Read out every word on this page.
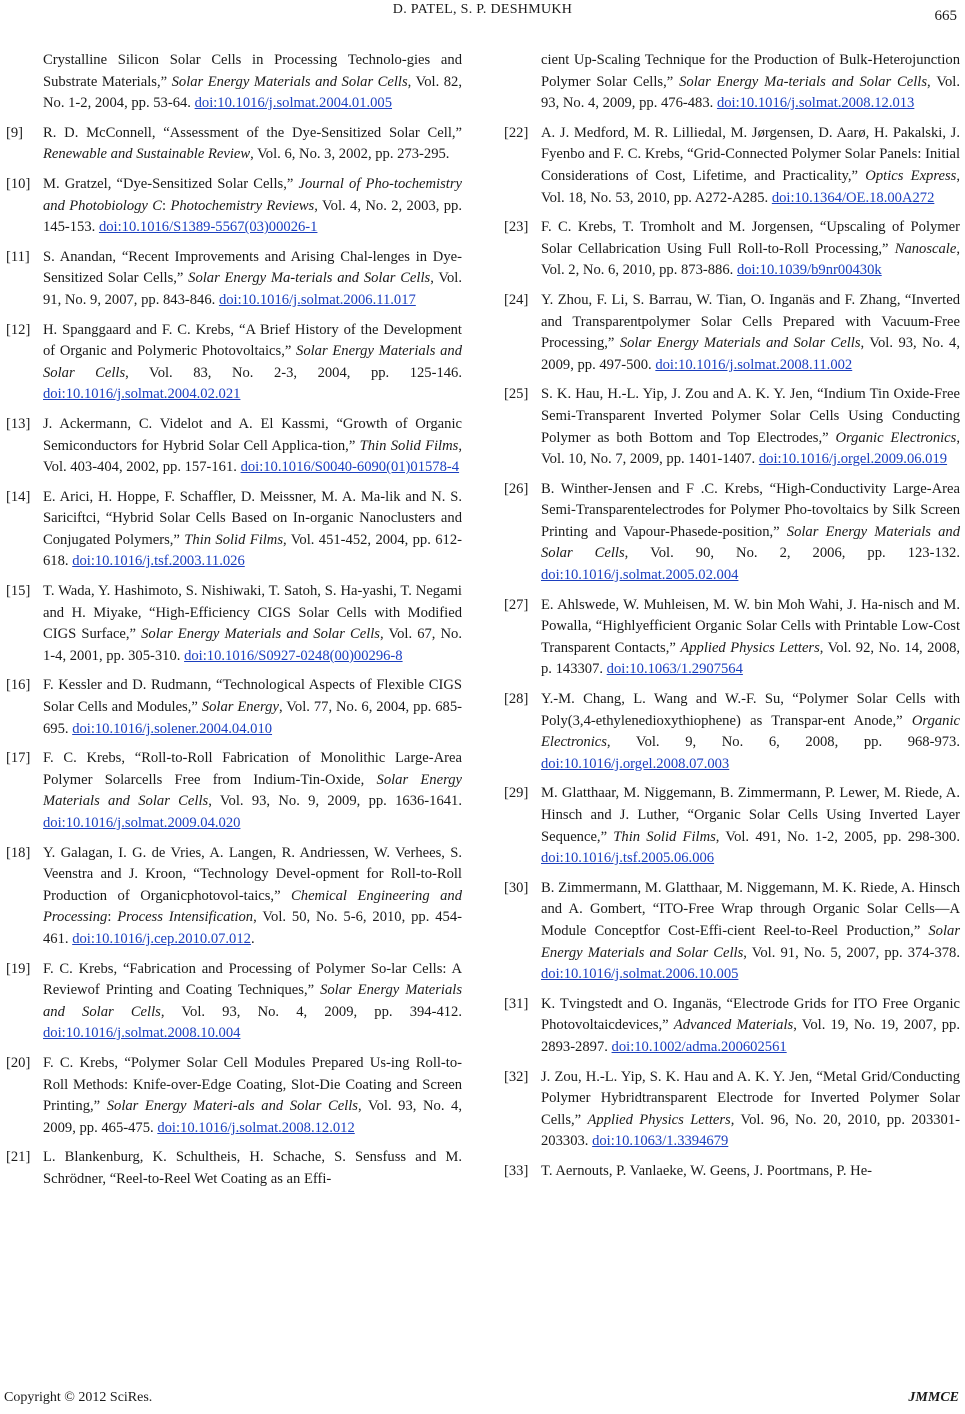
D. PATEL, S. P. DESHMUKH	665
Crystalline Silicon Solar Cells in Processing Technolo-gies and Substrate Materials,” Solar Energy Materials and Solar Cells, Vol. 82, No. 1-2, 2004, pp. 53-64. doi:10.1016/j.solmat.2004.01.005
[9]	R. D. McConnell, “Assessment of the Dye-Sensitized Solar Cell,” Renewable and Sustainable Review, Vol. 6, No. 3, 2002, pp. 273-295.
[10] M. Gratzel, “Dye-Sensitized Solar Cells,” Journal of Pho-tochemistry and Photobiology C: Photochemistry Reviews, Vol. 4, No. 2, 2003, pp. 145-153. doi:10.1016/S1389-5567(03)00026-1
[11] S. Anandan, “Recent Improvements and Arising Chal-lenges in Dye-Sensitized Solar Cells,” Solar Energy Ma-terials and Solar Cells, Vol. 91, No. 9, 2007, pp. 843-846. doi:10.1016/j.solmat.2006.11.017
[12] H. Spanggaard and F. C. Krebs, “A Brief History of the Development of Organic and Polymeric Photovoltaics,” Solar Energy Materials and Solar Cells, Vol. 83, No. 2-3, 2004, pp. 125-146. doi:10.1016/j.solmat.2004.02.021
[13] J. Ackermann, C. Videlot and A. El Kassmi, “Growth of Organic Semiconductors for Hybrid Solar Cell Applica-tion,” Thin Solid Films, Vol. 403-404, 2002, pp. 157-161. doi:10.1016/S0040-6090(01)01578-4
[14] E. Arici, H. Hoppe, F. Schaffler, D. Meissner, M. A. Ma-lik and N. S. Sariciftci, “Hybrid Solar Cells Based on In-organic Nanoclusters and Conjugated Polymers,” Thin Solid Films, Vol. 451-452, 2004, pp. 612-618. doi:10.1016/j.tsf.2003.11.026
[15] T. Wada, Y. Hashimoto, S. Nishiwaki, T. Satoh, S. Ha-yashi, T. Negami and H. Miyake, “High-Efficiency CIGS Solar Cells with Modified CIGS Surface,” Solar Energy Materials and Solar Cells, Vol. 67, No. 1-4, 2001, pp. 305-310. doi:10.1016/S0927-0248(00)00296-8
[16] F. Kessler and D. Rudmann, “Technological Aspects of Flexible CIGS Solar Cells and Modules,” Solar Energy, Vol. 77, No. 6, 2004, pp. 685-695. doi:10.1016/j.solener.2004.04.010
[17] F. C. Krebs, “Roll-to-Roll Fabrication of Monolithic Large-Area Polymer Solarcells Free from Indium-Tin-Oxide, Solar Energy Materials and Solar Cells, Vol. 93, No. 9, 2009, pp. 1636-1641. doi:10.1016/j.solmat.2009.04.020
[18] Y. Galagan, I. G. de Vries, A. Langen, R. Andriessen, W. Verhees, S. Veenstra and J. Kroon, “Technology Devel-opment for Roll-to-Roll Production of Organicphotovol-taics,” Chemical Engineering and Processing: Process Intensification, Vol. 50, No. 5-6, 2010, pp. 454-461. doi:10.1016/j.cep.2010.07.012.
[19] F. C. Krebs, “Fabrication and Processing of Polymer So-lar Cells: A Reviewof Printing and Coating Techniques,” Solar Energy Materials and Solar Cells, Vol. 93, No. 4, 2009, pp. 394-412. doi:10.1016/j.solmat.2008.10.004
[20] F. C. Krebs, “Polymer Solar Cell Modules Prepared Us-ing Roll-to-Roll Methods: Knife-over-Edge Coating, Slot-Die Coating and Screen Printing,” Solar Energy Materi-als and Solar Cells, Vol. 93, No. 4, 2009, pp. 465-475. doi:10.1016/j.solmat.2008.12.012
[21] L. Blankenburg, K. Schultheis, H. Schache, S. Sensfuss and M. Schrödner, “Reel-to-Reel Wet Coating as an Effi-
cient Up-Scaling Technique for the Production of Bulk-Heterojunction Polymer Solar Cells,” Solar Energy Ma-terials and Solar Cells, Vol. 93, No. 4, 2009, pp. 476-483. doi:10.1016/j.solmat.2008.12.013
[22] A. J. Medford, M. R. Lilliedal, M. Jørgensen, D. Aarø, H. Pakalski, J. Fyenbo and F. C. Krebs, “Grid-Connected Polymer Solar Panels: Initial Considerations of Cost, Lifetime, and Practicality,” Optics Express, Vol. 18, No. 53, 2010, pp. A272-A285. doi:10.1364/OE.18.00A272
[23] F. C. Krebs, T. Tromholt and M. Jorgensen, “Upscaling of Polymer Solar Cellabrication Using Full Roll-to-Roll Processing,” Nanoscale, Vol. 2, No. 6, 2010, pp. 873-886. doi:10.1039/b9nr00430k
[24] Y. Zhou, F. Li, S. Barrau, W. Tian, O. Inganäs and F. Zhang, “Inverted and Transparentpolymer Solar Cells Prepared with Vacuum-Free Processing,” Solar Energy Materials and Solar Cells, Vol. 93, No. 4, 2009, pp. 497-500. doi:10.1016/j.solmat.2008.11.002
[25] S. K. Hau, H.-L. Yip, J. Zou and A. K. Y. Jen, “Indium Tin Oxide-Free Semi-Transparent Inverted Polymer Solar Cells Using Conducting Polymer as both Bottom and Top Electrodes,” Organic Electronics, Vol. 10, No. 7, 2009, pp. 1401-1407. doi:10.1016/j.orgel.2009.06.019
[26] B. Winther-Jensen and F .C. Krebs, “High-Conductivity Large-Area Semi-Transparentelectrodes for Polymer Pho-tovoltaics by Silk Screen Printing and Vapour-Phasede-position,” Solar Energy Materials and Solar Cells, Vol. 90, No. 2, 2006, pp. 123-132. doi:10.1016/j.solmat.2005.02.004
[27] E. Ahlswede, W. Muhleisen, M. W. bin Moh Wahi, J. Ha-nisch and M. Powalla, “Highlyefficient Organic Solar Cells with Printable Low-Cost Transparent Contacts,” Applied Physics Letters, Vol. 92, No. 14, 2008, p. 143307. doi:10.1063/1.2907564
[28] Y.-M. Chang, L. Wang and W.-F. Su, “Polymer Solar Cells with Poly(3,4-ethylenedioxythiophene) as Transpar-ent Anode,” Organic Electronics, Vol. 9, No. 6, 2008, pp. 968-973. doi:10.1016/j.orgel.2008.07.003
[29] M. Glatthaar, M. Niggemann, B. Zimmermann, P. Lewer, M. Riede, A. Hinsch and J. Luther, “Organic Solar Cells Using Inverted Layer Sequence,” Thin Solid Films, Vol. 491, No. 1-2, 2005, pp. 298-300. doi:10.1016/j.tsf.2005.06.006
[30] B. Zimmermann, M. Glatthaar, M. Niggemann, M. K. Riede, A. Hinsch and A. Gombert, “ITO-Free Wrap through Organic Solar Cells—A Module Conceptfor Cost-Effi-cient Reel-to-Reel Production,” Solar Energy Materials and Solar Cells, Vol. 91, No. 5, 2007, pp. 374-378. doi:10.1016/j.solmat.2006.10.005
[31] K. Tvingstedt and O. Inganäs, “Electrode Grids for ITO Free Organic Photovoltaicdevices,” Advanced Materials, Vol. 19, No. 19, 2007, pp. 2893-2897. doi:10.1002/adma.200602561
[32] J. Zou, H.-L. Yip, S. K. Hau and A. K. Y. Jen, “Metal Grid/Conducting Polymer Hybridtransparent Electrode for Inverted Polymer Solar Cells,” Applied Physics Letters, Vol. 96, No. 20, 2010, pp. 203301-203303. doi:10.1063/1.3394679
[33] T. Aernouts, P. Vanlaeke, W. Geens, J. Poortmans, P. He-
Copyright © 2012 SciRes.	JMMCE
